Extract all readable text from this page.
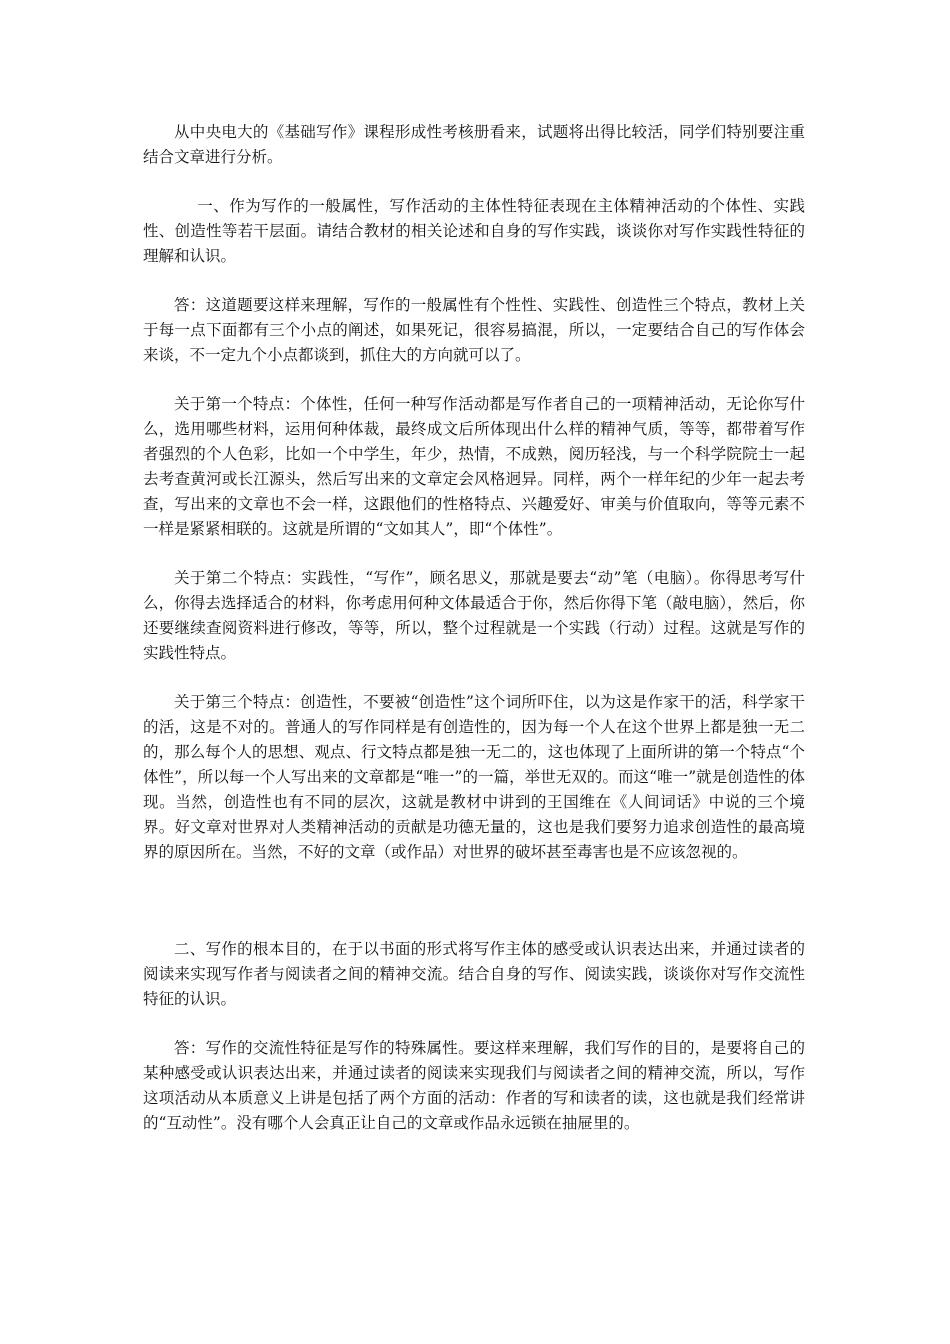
从中央电大的《基础写作》课程形成性考核册看来，试题将出得比较活，同学们特别要注重结合文章进行分析。

一、作为写作的一般属性，写作活动的主体性特征表现在主体精神活动的个体性、实践性、创造性等若干层面。请结合教材的相关论述和自身的写作实践，谈谈你对写作实践性特征的理解和认识。

答：这道题要这样来理解，写作的一般属性有个性性、实践性、创造性三个特点，教材上关于每一点下面都有三个小点的阐述，如果死记，很容易搞混，所以，一定要结合自己的写作体会来谈，不一定九个小点都谈到，抓住大的方向就可以了。

关于第一个特点：个体性，任何一种写作活动都是写作者自己的一项精神活动，无论你写什么，选用哪些材料，运用何种体裁，最终成文后所体现出什么样的精神气质，等等，都带着写作者强烈的个人色彩，比如一个中学生，年少，热情，不成熟，阅历轻浅，与一个科学院院士一起去考查黄河或长江源头，然后写出来的文章定会风格迥异。同样，两个一样年纪的少年一起去考查，写出来的文章也不会一样，这跟他们的性格特点、兴趣爱好、审美与价值取向，等等元素不一样是紧紧相联的。这就是所谓的“文如其人”，即“个体性”。

关于第二个特点：实践性，“写作”，顾名思义，那就是要去“动”笔（电脑）。你得思考写什么，你得去选择适合的材料，你考虑用何种文体最适合于你，然后你得下笔（敲电脑），然后，你还要继续查阅资料进行修改，等等，所以，整个过程就是一个实践（行动）过程。这就是写作的实践性特点。

关于第三个特点：创造性，不要被“创造性”这个词所吓住，以为这是作家干的活，科学家干的活，这是不对的。普通人的写作同样是有创造性的，因为每一个人在这个世界上都是独一无二的，那么每个人的思想、观点、行文特点都是独一无二的，这也体现了上面所讲的第一个特点“个体性”，所以每一个人写出来的文章都是“唯一”的一篇，举世无双的。而这“唯一”就是创造性的体现。当然，创造性也有不同的层次，这就是教材中讲到的王国维在《人间词话》中说的三个境界。好文章对世界对人类精神活动的贡献是功德无量的，这也是我们要努力追求创造性的最高境界的原因所在。当然，不好的文章（或作品）对世界的破坏甚至毒害也是不应该忽视的。

二、写作的根本目的，在于以书面的形式将写作主体的感受或认识表达出来，并通过读者的阅读来实现写作者与阅读者之间的精神交流。结合自身的写作、阅读实践，谈谈你对写作交流性特征的认识。

答：写作的交流性特征是写作的特殊属性。要这样来理解，我们写作的目的，是要将自己的某种感受或认识表达出来，并通过读者的阅读来实现我们与阅读者之间的精神交流，所以，写作这项活动从本质意义上讲是包括了两个方面的活动：作者的写和读者的读，这也就是我们经常讲的“互动性”。没有哪个人会真正让自己的文章或作品永远锁在抽屉里的。
